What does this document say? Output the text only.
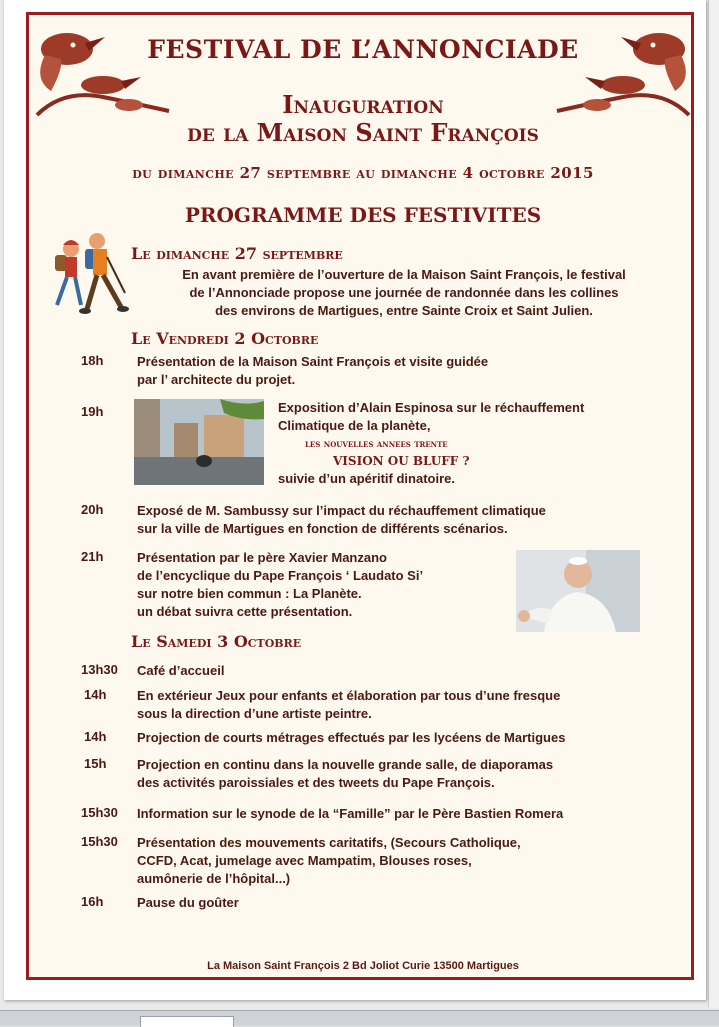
FESTIVAL DE L’ANNONCIADE
Inauguration
de la Maison Saint François
du dimanche 27 septembre au dimanche 4 octobre 2015
PROGRAMME DES FESTIVITES
Le dimanche 27 septembre
En avant première de l’ouverture de la Maison Saint François, le festival
de l’Annonciade propose une journée de randonnée dans les collines
des environs de Martigues, entre Sainte Croix et Saint Julien.
Le Vendredi 2 Octobre
18h	Présentation de la Maison Saint François et visite guidée
par l’ architecte du projet.
19h	Exposition d’Alain Espinosa sur le réchauffement
Climatique de la planète,
les nouvelles annees trente
VISION OU BLUFF ?
suivie d’un apéritif dinatoire.
20h	Exposé de M. Sambussy sur l’impact du réchauffement climatique
sur la ville de Martigues en fonction de différents scénarios.
21h	Présentation par le père Xavier Manzano
de l’encyclique du Pape François ‘ Laudato Si’
sur notre bien commun : La Planète.
un débat suivra cette présentation.
Le Samedi 3 Octobre
13h30 Café d’accueil
14h En extérieur Jeux pour enfants et élaboration par tous d’une fresque
sous la direction d’une artiste peintre.
14h Projection de courts métrages effectués par les lycéens de Martigues
15h Projection en continu dans la nouvelle grande salle, de diaporamas
des activités paroissiales et des tweets du Pape François.
15h30 Information sur le synode de la “Famille” par le Père Bastien Romera
15h30 Présentation des mouvements caritatifs, (Secours Catholique,
CCFD, Acat, jumelage avec Mampatim, Blouses roses,
aumônerie de l’hôpital...)
16h	Pause du goûter
La Maison Saint François 2 Bd Joliot Curie 13500 Martigues
